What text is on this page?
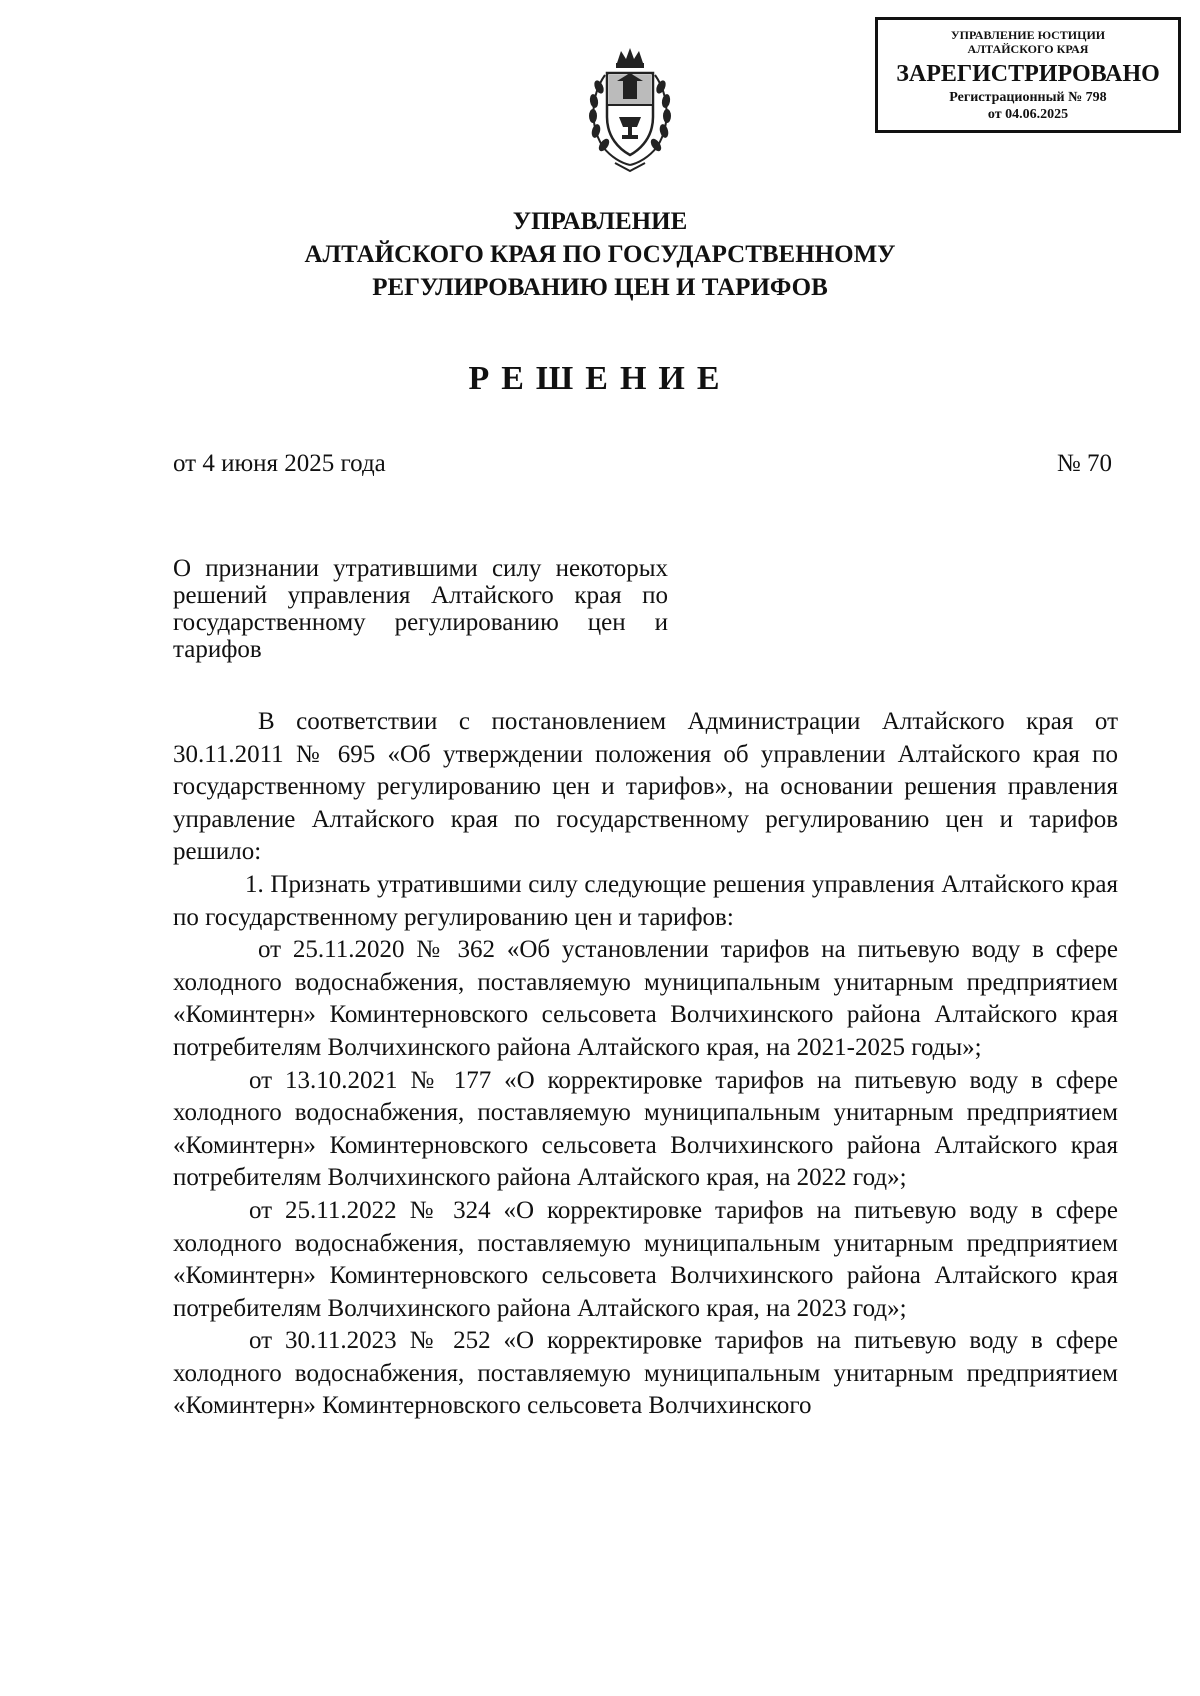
УПРАВЛЕНИЕ ЮСТИЦИИ
АЛТАЙСКОГО КРАЯ
ЗАРЕГИСТРИРОВАНО
Регистрационный № 798
от 04.06.2025
УПРАВЛЕНИЕ
АЛТАЙСКОГО КРАЯ ПО ГОСУДАРСТВЕННОМУ
РЕГУЛИРОВАНИЮ ЦЕН И ТАРИФОВ
РЕШЕНИЕ
от 4 июня 2025 года	№ 70
О признании утратившими силу некоторых решений управления Алтайского края по государственному регулированию цен и тарифов

В соответствии с постановлением Администрации Алтайского края от 30.11.2011 № 695 «Об утверждении положения об управлении Алтайского края по государственному регулированию цен и тарифов», на основании решения правления управление Алтайского края по государственному регулированию цен и тарифов решило:

1. Признать утратившими силу следующие решения управления Алтайского края по государственному регулированию цен и тарифов:

от 25.11.2020 № 362 «Об установлении тарифов на питьевую воду в сфере холодного водоснабжения, поставляемую муниципальным унитарным предприятием «Коминтерн» Коминтерновского сельсовета Волчихинского района Алтайского края потребителям Волчихинского района Алтайского края, на 2021-2025 годы»;

от 13.10.2021 № 177 «О корректировке тарифов на питьевую воду в сфере холодного водоснабжения, поставляемую муниципальным унитарным предприятием «Коминтерн» Коминтерновского сельсовета Волчихинского района Алтайского края потребителям Волчихинского района Алтайского края, на 2022 год»;

от 25.11.2022 № 324 «О корректировке тарифов на питьевую воду в сфере холодного водоснабжения, поставляемую муниципальным унитарным предприятием «Коминтерн» Коминтерновского сельсовета Волчихинского района Алтайского края потребителям Волчихинского района Алтайского края, на 2023 год»;

от 30.11.2023 № 252 «О корректировке тарифов на питьевую воду в сфере холодного водоснабжения, поставляемую муниципальным унитарным предприятием «Коминтерн» Коминтерновского сельсовета Волчихинского
